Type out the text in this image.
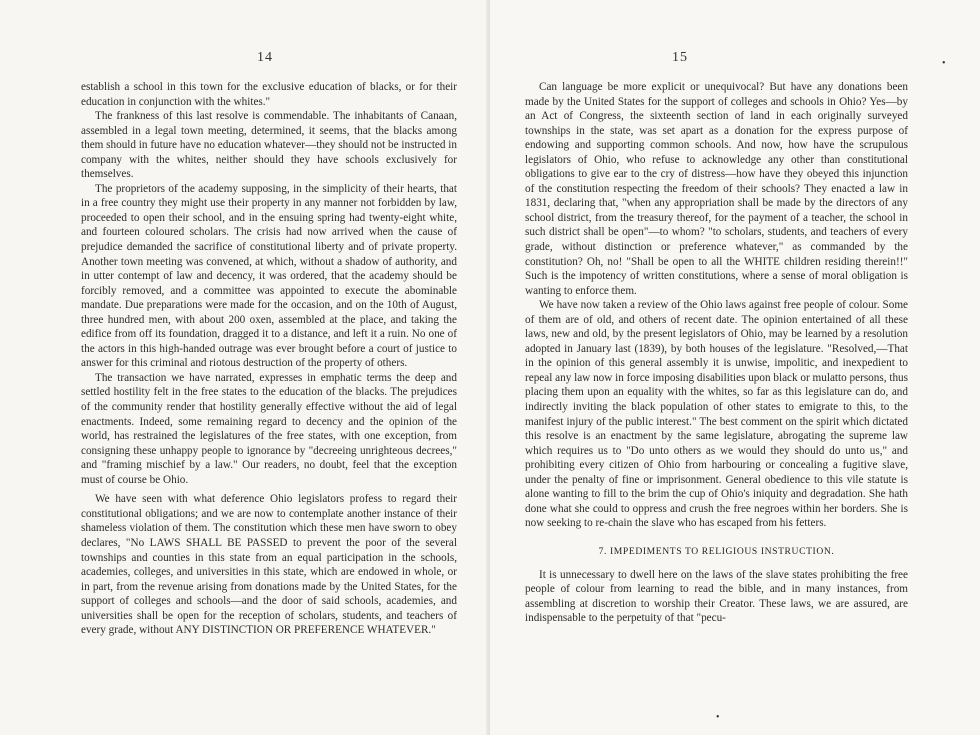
14

establish a school in this town for the exclusive education of blacks, or for their education in conjunction with the whites."

The frankness of this last resolve is commendable. The inhabitants of Canaan, assembled in a legal town meeting, determined, it seems, that the blacks among them should in future have no education whatever—they should not be instructed in company with the whites, neither should they have schools exclusively for themselves.

The proprietors of the academy supposing, in the simplicity of their hearts, that in a free country they might use their property in any manner not forbidden by law, proceeded to open their school, and in the ensuing spring had twenty-eight white, and fourteen coloured scholars. The crisis had now arrived when the cause of prejudice demanded the sacrifice of constitutional liberty and of private property. Another town meeting was convened, at which, without a shadow of authority, and in utter contempt of law and decency, it was ordered, that the academy should be forcibly removed, and a committee was appointed to execute the abominable mandate. Due preparations were made for the occasion, and on the 10th of August, three hundred men, with about 200 oxen, assembled at the place, and taking the edifice from off its foundation, dragged it to a distance, and left it a ruin. No one of the actors in this high-handed outrage was ever brought before a court of justice to answer for this criminal and riotous destruction of the property of others.

The transaction we have narrated, expresses in emphatic terms the deep and settled hostility felt in the free states to the education of the blacks. The prejudices of the community render that hostility generally effective without the aid of legal enactments. Indeed, some remaining regard to decency and the opinion of the world, has restrained the legislatures of the free states, with one exception, from consigning these unhappy people to ignorance by "decreeing unrighteous decrees," and "framing mischief by a law." Our readers, no doubt, feel that the exception must of course be Ohio.

We have seen with what deference Ohio legislators profess to regard their constitutional obligations; and we are now to contemplate another instance of their shameless violation of them. The constitution which these men have sworn to obey declares, "No LAWS SHALL BE PASSED to prevent the poor of the several townships and counties in this state from an equal participation in the schools, academies, colleges, and universities in this state, which are endowed in whole, or in part, from the revenue arising from donations made by the United States, for the support of colleges and schools—and the door of said schools, academies, and universities shall be open for the reception of scholars, students, and teachers of every grade, without ANY DISTINCTION OR PREFERENCE WHATEVER."

15	•

Can language be more explicit or unequivocal? But have any donations been made by the United States for the support of colleges and schools in Ohio? Yes—by an Act of Congress, the sixteenth section of land in each originally surveyed townships in the state, was set apart as a donation for the express purpose of endowing and supporting common schools. And now, how have the scrupulous legislators of Ohio, who refuse to acknowledge any other than constitutional obligations to give ear to the cry of distress—how have they obeyed this injunction of the constitution respecting the freedom of their schools? They enacted a law in 1831, declaring that, "when any appropriation shall be made by the directors of any school district, from the treasury thereof, for the payment of a teacher, the school in such district shall be open"—to whom? "to scholars, students, and teachers of every grade, without distinction or preference whatever," as commanded by the constitution? Oh, no! "Shall be open to all the WHITE children residing therein!!" Such is the impotency of written constitutions, where a sense of moral obligation is wanting to enforce them.

We have now taken a review of the Ohio laws against free people of colour. Some of them are of old, and others of recent date. The opinion entertained of all these laws, new and old, by the present legislators of Ohio, may be learned by a resolution adopted in January last (1839), by both houses of the legislature. "Resolved,—That in the opinion of this general assembly it is unwise, impolitic, and inexpedient to repeal any law now in force imposing disabilities upon black or mulatto persons, thus placing them upon an equality with the whites, so far as this legislature can do, and indirectly inviting the black population of other states to emigrate to this, to the manifest injury of the public interest." The best comment on the spirit which dictated this resolve is an enactment by the same legislature, abrogating the supreme law which requires us to "Do unto others as we would they should do unto us," and prohibiting every citizen of Ohio from harbouring or concealing a fugitive slave, under the penalty of fine or imprisonment. General obedience to this vile statute is alone wanting to fill to the brim the cup of Ohio's iniquity and degradation. She hath done what she could to oppress and crush the free negroes within her borders. She is now seeking to re-chain the slave who has escaped from his fetters.

7. IMPEDIMENTS TO RELIGIOUS INSTRUCTION.

It is unnecessary to dwell here on the laws of the slave states prohibiting the free people of colour from learning to read the bible, and in many instances, from assembling at discretion to worship their Creator. These laws, we are assured, are indispensable to the perpetuity of that "pecu-

•
